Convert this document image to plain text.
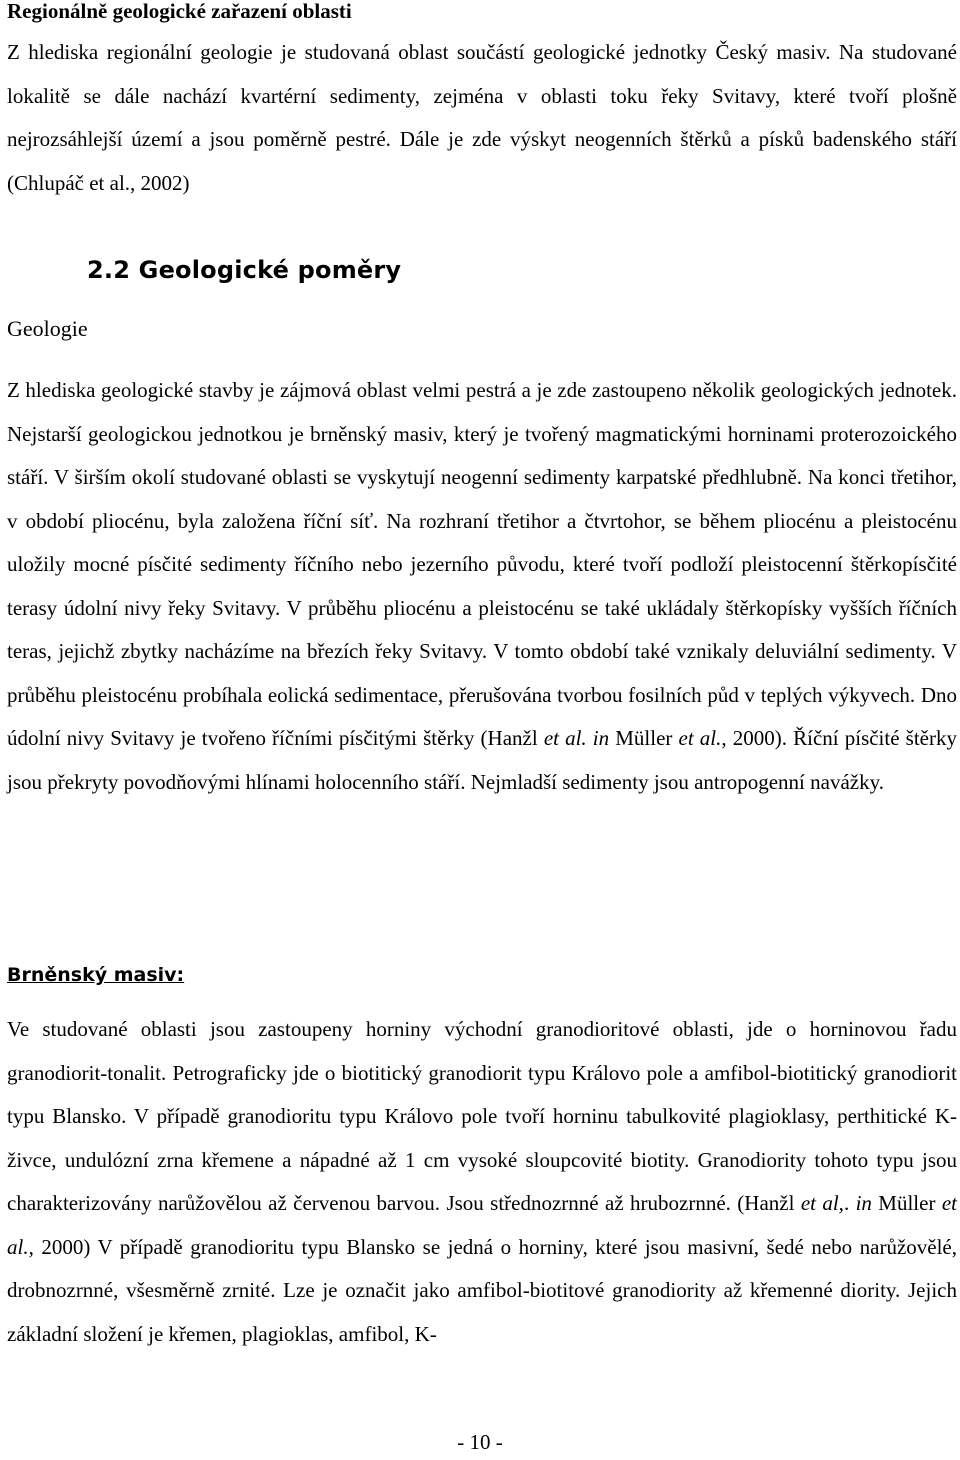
Regionálně geologické zařazení oblasti

Z hlediska regionální geologie je studovaná oblast součástí geologické jednotky Český masiv. Na studované lokalitě se dále nachází kvartérní sedimenty, zejména v oblasti toku řeky Svitavy, které tvoří plošně nejrozsáhlejší území a jsou poměrně pestré. Dále je zde výskyt neogenních štěrků a písků badenského stáří (Chlupáč et al., 2002)

2.2 Geologické poměry

Geologie

Z hlediska geologické stavby je zájmová oblast velmi pestrá a je zde zastoupeno několik geologických jednotek. Nejstarší geologickou jednotkou je brněnský masiv, který je tvořený magmatickými horninami proterozoického stáří. V širším okolí studované oblasti se vyskytují neogenní sedimenty karpatské předhlubně. Na konci třetihor, v období pliocénu, byla založena říční síť. Na rozhraní třetihor a čtvrtohor, se během pliocénu a pleistocénu uložily mocné písčité sedimenty říčního nebo jezerního původu, které tvoří podloží pleistocenní štěrkopísčité terasy údolní nivy řeky Svitavy. V průběhu pliocénu a pleistocénu se také ukládaly štěrkopísky vyšších říčních teras, jejichž zbytky nacházíme na březích řeky Svitavy. V tomto období také vznikaly deluviální sedimenty. V průběhu pleistocénu probíhala eolická sedimentace, přerušována tvorbou fosilních půd v teplých výkyvech. Dno údolní nivy Svitavy je tvořeno říčními písčitými štěrky (Hanžl et al. in Müller et al., 2000). Říční písčité štěrky jsou překryty povodňovými hlínami holocenního stáří. Nejmladší sedimenty jsou antropogenní navážky.

Brněnský masiv:

Ve studované oblasti jsou zastoupeny horniny východní granodioritové oblasti, jde o horninovou řadu granodiorit-tonalit. Petrograficky jde o biotitický granodiorit typu Královo pole a amfibol-biotitický granodiorit typu Blansko. V případě granodioritu typu Královo pole tvoří horninu tabulkovité plagioklasy, perthitické K-živce, undulózní zrna křemene a nápadné až 1 cm vysoké sloupcovité biotity. Granodiority tohoto typu jsou charakterizovány narůžovělou až červenou barvou. Jsou střednozrnné až hrubozrnné. (Hanžl et al,. in Müller et al., 2000) V případě granodioritu typu Blansko se jedná o horniny, které jsou masivní, šedé nebo narůžovělé, drobnozrnné, všesměrně zrnité. Lze je označit jako amfibol-biotitové granodiority až křemenné diority. Jejich základní složení je křemen, plagioklas, amfibol, K-

- 10 -
